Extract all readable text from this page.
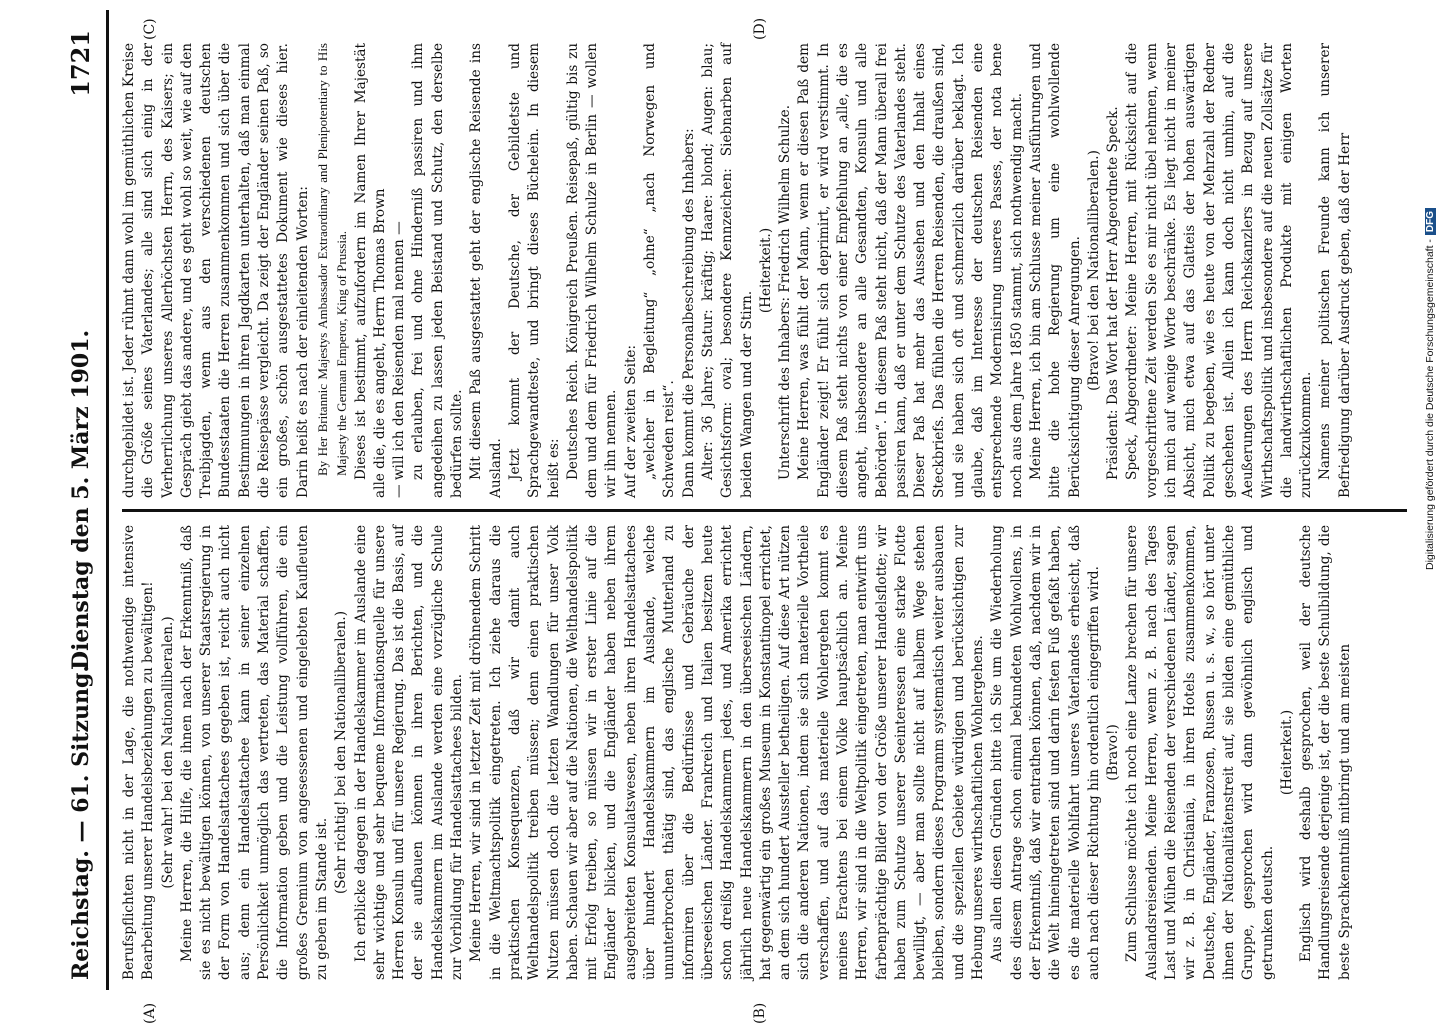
Reichstag. — 61. Sitzung.
Dienstag den 5. März 1901.
1721
(A)	(B)
(C)	(D)

Berufspflichten nicht in der Lage, die nothwendige intensive Bearbeitung unserer Handelsbeziehungen zu bewältigen! (Sehr wahr! bei den Nationalliberalen.) Meine Herren, die Hilfe, die ihnen nach der Erkenntniß, daß sie es nicht bewältigen können, von unserer Staatsregierung in der Form von Handelsattachees gegeben ist, reicht auch nicht aus; denn ein Handelsattachee kann in seiner einzelnen Persönlichkeit unmöglich das vertreten, das Material schaffen, die Information geben und die Leistung vollführen, die ein großes Gremium von angesessenen und eingelebten Kaufleuten zu geben im Stande ist.

(Sehr richtig! bei den Nationalliberalen.) Ich erblicke dagegen in der Handelskammer im Auslande eine sehr wichtige und sehr bequeme Informationsquelle für unsere Herren Konsuln und für unsere Regierung. Das ist die Basis, auf der sie aufbauen können in ihren Berichten, und die Handelskammern im Auslande werden eine vorzügliche Schule zur Vorbildung für Handelsattachees bilden. Meine Herren, wir sind in letzter Zeit mit dröhnendem Schritt in die Weltmachtspolitik eingetreten. Ich ziehe daraus die praktischen Konsequenzen, daß wir damit auch Welthandelspolitik treiben müssen; denn einen praktischen Nutzen müssen doch die letzten Wandlungen für unser Volk haben. Schauen wir aber auf die Nationen, die Welthandelspolitik mit Erfolg treiben, so müssen wir in erster Linie auf die Engländer blicken, und die Engländer haben neben ihrem ausgebreiteten Konsulatswesen, neben ihren Handelsattachees über hundert Handelskammern im Auslande, welche ununterbrochen thätig sind, das englische Mutterland zu informiren über die Bedürfnisse und Gebräuche der überseeischen Länder. Frankreich und Italien besitzen heute schon dreißig Handelskammern jedes, und Amerika errichtet jährlich neue Handelskammern in den überseeischen Ländern, hat gegenwärtig ein großes Museum in Konstantinopel errichtet, an dem sich hundert Aussteller betheiligen. Auf diese Art nützen sich die anderen Nationen, indem sie sich materielle Vortheile verschaffen, und auf das materielle Wohlergehen kommt es meines Erachtens bei einem Volke hauptsächlich an. Meine Herren, wir sind in die Weltpolitik eingetreten, man entwirft uns farbenprächtige Bilder von der Größe unserer Handelsflotte; wir haben zum Schutze unserer Seeinteressen eine starke Flotte bewilligt, — aber man sollte nicht auf halbem Wege stehen bleiben, sondern dieses Programm systematisch weiter ausbauen und die speziellen Gebiete würdigen und berücksichtigen zur Hebung unseres wirthschaftlichen Wohlergehens. Aus allen diesen Gründen bitte ich Sie um die Wiederholung des diesem Antrage schon einmal bekundeten Wohlwollens, in der Erkenntniß, daß wir entrathen können, daß, nachdem wir in die Welt hineingetreten sind und darin festen Fuß gefaßt haben, es die materielle Wohlfahrt unseres Vaterlandes erheischt, daß auch nach dieser Richtung hin ordentlich eingegriffen wird. (Bravo!) Zum Schlusse möchte ich noch eine Lanze brechen für unsere Auslandsreisenden. Meine Herren, wenn z. B. nach des Tages Last und Mühen die Reisenden der verschiedenen Länder, sagen wir z. B. in Christiania, in ihren Hotels zusammenkommen, Deutsche, Engländer, Franzosen, Russen u. s. w., so hört unter ihnen der Nationalitätenstreit auf, sie bilden eine gemüthliche Gruppe, gesprochen wird dann gewöhnlich englisch und getrunken deutsch.

(Heiterkeit.) Englisch wird deshalb gesprochen, weil der deutsche Handlungsreisende derjenige ist, der die beste Schulbildung, die beste Sprachkenntniß mitbringt und am meisten

durchgebildet ist. Jeder rühmt dann wohl im gemüthlichen Kreise die Größe seines Vaterlandes; alle sind sich einig in der Verherrlichung unseres Allerhöchsten Herrn, des Kaisers; ein Gespräch giebt das andere, und es geht wohl so weit, wie auf den Treibjagden, wenn aus den verschiedenen deutschen Bundesstaaten die Herren zusammenkommen und sich über die Bestimmungen in ihren Jagdkarten unterhalten, daß man einmal die Reisepässe vergleicht. Da zeigt der Engländer seinen Paß, so ein großes, schön ausgestattetes Dokument wie dieses hier. Darin heißt es nach der einleitenden Worten: By Her Britannic Majestys Ambassador Extraordinary and Plenipotentiary to His Majesty the German Emperor, King of Prussia. Dieses ist bestimmt, aufzufordern im Namen Ihrer Majestät alle die, die es angeht, Herrn Thomas Brown — will ich den Reisenden mal nennen — zu erlauben, frei und ohne Hinderniß passiren und ihm angedeihen zu lassen jeden Beistand und Schutz, den derselbe bedürfen sollte. Mit diesem Paß ausgestattet geht der englische Reisende ins Ausland. Jetzt kommt der Deutsche, der Gebildetste und Sprachgewandteste, und bringt dieses Büchelein. In diesem heißt es: Deutsches Reich. Königreich Preußen. Reisepaß, gültig bis zu dem und dem für Friedrich Wilhelm Schulze in Berlin — wollen wir ihn nennen. Auf der zweiten Seite: „welcher in Begleitung“ „ohne“ „nach Norwegen und Schweden reist“. Dann kommt die Personalbeschreibung des Inhabers: Alter: 36 Jahre; Statur: kräftig; Haare: blond; Augen: blau; Gesichtsform: oval; besondere Kennzeichen: Siebnarben auf beiden Wangen und der Stirn.

(Heiterkeit.) Unterschrift des Inhabers: Friedrich Wilhelm Schulze. Meine Herren, was fühlt der Mann, wenn er diesen Paß dem Engländer zeigt! Er fühlt sich deprimirt, er wird verstimmt. In diesem Paß steht nichts von einer Empfehlung an „alle, die es angeht, insbesondere an alle Gesandten, Konsuln und alle Behörden“. In diesem Paß steht nicht, daß der Mann überall frei passiren kann, daß er unter dem Schutze des Vaterlandes steht. Dieser Paß hat mehr das Aussehen und den Inhalt eines Steckbriefs. Das fühlen die Herren Reisenden, die draußen sind, und sie haben sich oft und schmerzlich darüber beklagt. Ich glaube, daß im Interesse der deutschen Reisenden eine entsprechende Modernisirung unseres Passes, der nota bene noch aus dem Jahre 1850 stammt, sich nothwendig macht. Meine Herren, ich bin am Schlusse meiner Ausführungen und bitte die hohe Regierung um eine wohlwollende Berücksichtigung dieser Anregungen. (Bravo! bei den Nationalliberalen.) Präsident: Das Wort hat der Herr Abgeordnete Speck. Speck, Abgeordneter: Meine Herren, mit Rücksicht auf die vorgeschrittene Zeit werden Sie es mir nicht übel nehmen, wenn ich mich auf wenige Worte beschränke. Es liegt nicht in meiner Absicht, mich etwa auf das Glatteis der hohen auswärtigen Politik zu begeben, wie es heute von der Mehrzahl der Redner geschehen ist. Allein ich kann doch nicht umhin, auf die Aeußerungen des Herrn Reichskanzlers in Bezug auf unsere Wirthschaftspolitik und insbesondere auf die neuen Zollsätze für die landwirthschaftlichen Produkte mit einigen Worten zurückzukommen. Namens meiner politischen Freunde kann ich unserer Befriedigung darüber Ausdruck geben, daß der Herr	Digitalisierung gefördert durch die Deutsche Forschungsgemeinschaft -DFG
